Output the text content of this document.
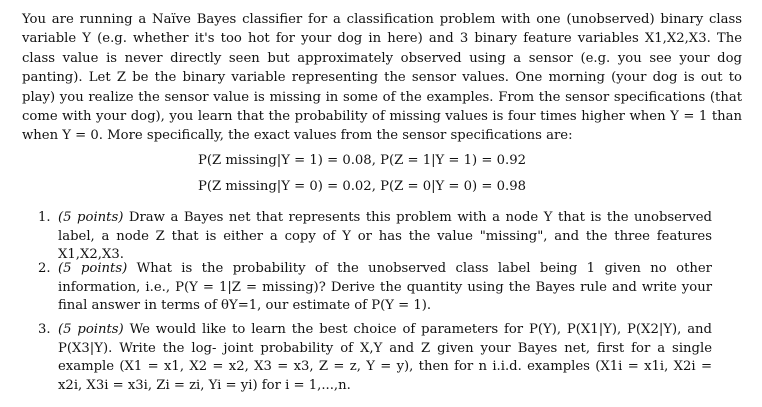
You are running a Naïve Bayes classifier for a classification problem with one (unobserved) binary class variable Y (e.g. whether it's too hot for your dog in here) and 3 binary feature variables X1,X2,X3. The class value is never directly seen but approximately observed using a sensor (e.g. you see your dog panting). Let Z be the binary variable representing the sensor values. One morning (your dog is out to play) you realize the sensor value is missing in some of the examples. From the sensor specifications (that come with your dog), you learn that the probability of missing values is four times higher when Y = 1 than when Y = 0. More specifically, the exact values from the sensor specifications are:
P(Z missing|Y = 1) = 0.08, P(Z = 1|Y = 1) = 0.92
P(Z missing|Y = 0) = 0.02, P(Z = 0|Y = 0) = 0.98
1. (5 points) Draw a Bayes net that represents this problem with a node Y that is the unobserved label, a node Z that is either a copy of Y or has the value "missing", and the three features X1,X2,X3.
2. (5 points) What is the probability of the unobserved class label being 1 given no other information, i.e., P(Y = 1|Z = missing)? Derive the quantity using the Bayes rule and write your final answer in terms of θY=1, our estimate of P(Y = 1).
3. (5 points) We would like to learn the best choice of parameters for P(Y), P(X1|Y), P(X2|Y), and P(X3|Y). Write the log- joint probability of X,Y and Z given your Bayes net, first for a single example (X1 = x1, X2 = x2, X3 = x3, Z = z, Y = y), then for n i.i.d. examples (X1i = x1i, X2i = x2i, X3i = x3i, Zi = zi, Yi = yi) for i = 1,...,n.
